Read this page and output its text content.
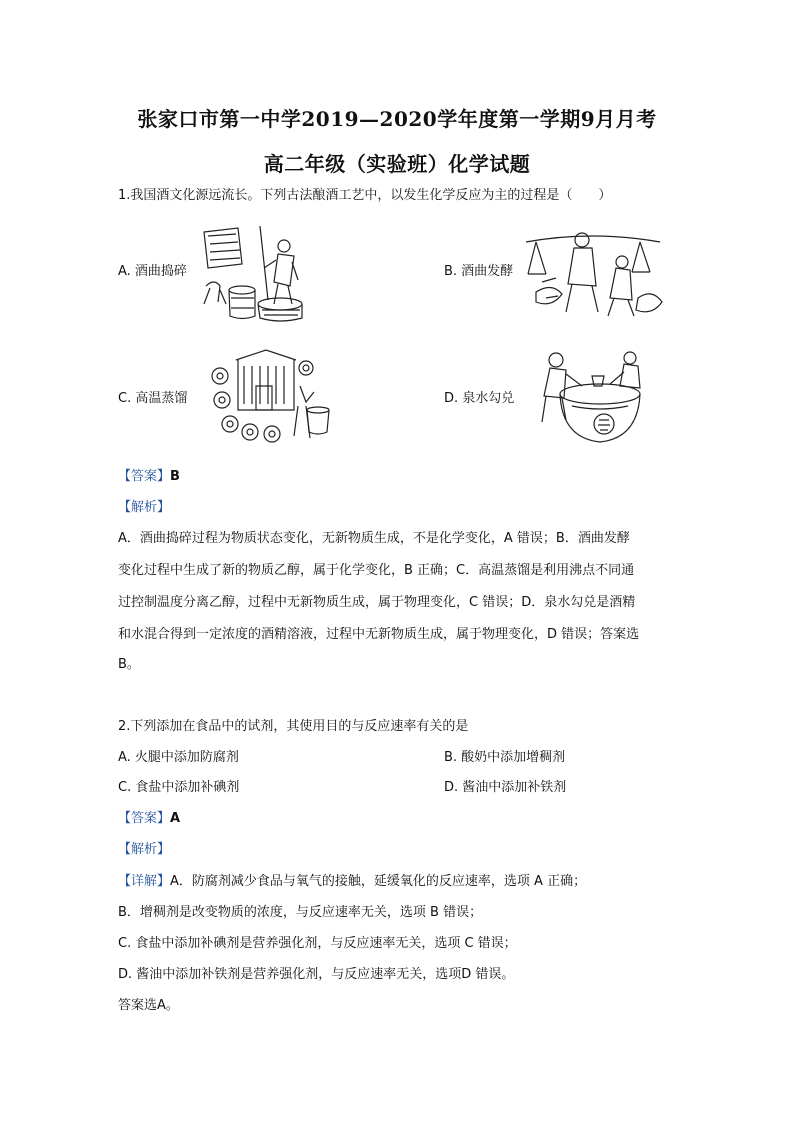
张家口市第一中学2019—2020学年度第一学期9月月考
高二年级（实验班）化学试题
1.我国酒文化源远流长。下列古法酿酒工艺中，以发生化学反应为主的过程是（　　）
A. 酒曲捣碎	B. 酒曲发酵
C. 高温蒸馏	D. 泉水勾兑
【答案】B
【解析】
A．酒曲捣碎过程为物质状态变化，无新物质生成，不是化学变化，A 错误；B．酒曲发酵
变化过程中生成了新的物质乙醇，属于化学变化，B 正确；C．高温蒸馏是利用沸点不同通
过控制温度分离乙醇，过程中无新物质生成，属于物理变化，C 错误；D．泉水勾兑是酒精
和水混合得到一定浓度的酒精溶液，过程中无新物质生成，属于物理变化，D 错误；答案选
B。
2.下列添加在食品中的试剂，其使用目的与反应速率有关的是
A. 火腿中添加防腐剂	B. 酸奶中添加增稠剂
C. 食盐中添加补碘剂	D. 酱油中添加补铁剂
【答案】A
【解析】
【详解】A．防腐剂减少食品与氧气的接触，延缓氧化的反应速率，选项 A 正确；
B．增稠剂是改变物质的浓度，与反应速率无关，选项 B 错误；
C. 食盐中添加补碘剂是营养强化剂，与反应速率无关，选项 C 错误；
D. 酱油中添加补铁剂是营养强化剂，与反应速率无关，选项D 错误。
答案选A。
